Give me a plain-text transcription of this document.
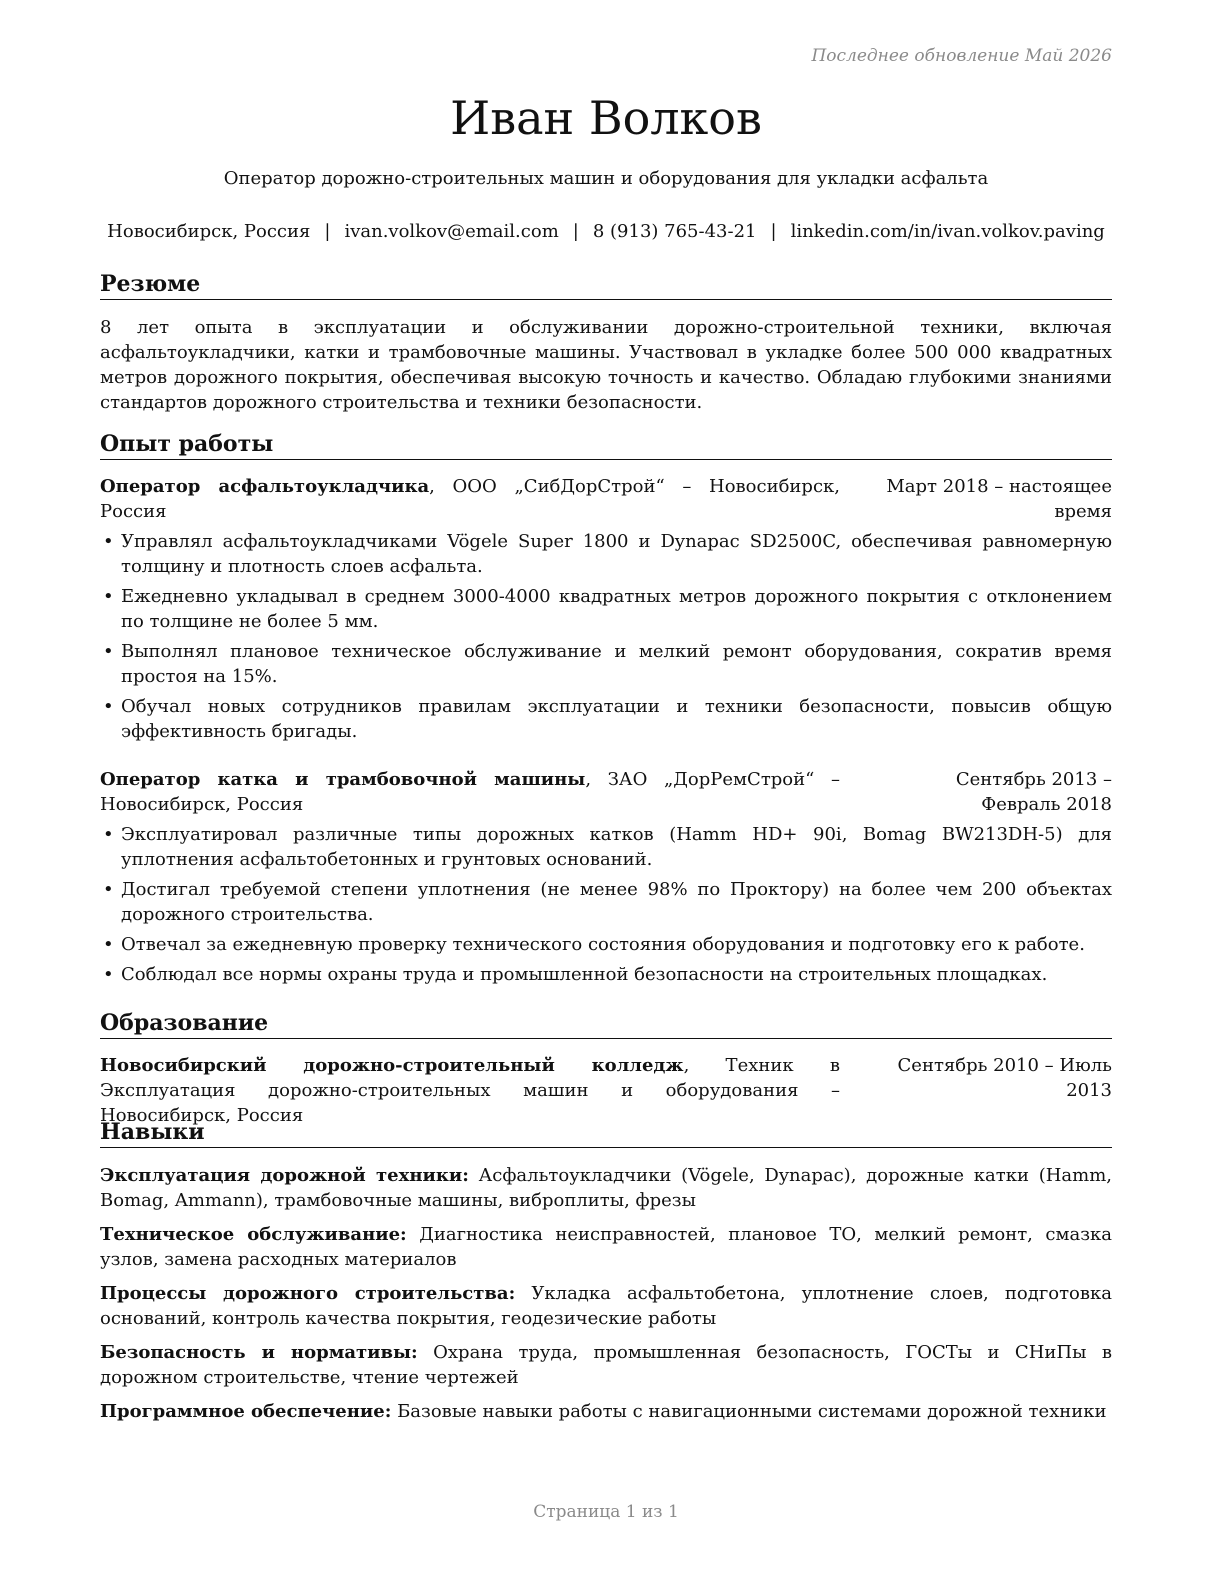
Последнее обновление Май 2026
Иван Волков
Оператор дорожно-строительных машин и оборудования для укладки асфальта
Новосибирск, Россия | ivan.volkov@email.com | 8 (913) 765-43-21 | linkedin.com/in/ivan.volkov.paving
Резюме
8 лет опыта в эксплуатации и обслуживании дорожно-строительной техники, включая асфальтоукладчики, катки и трамбовочные машины. Участвовал в укладке более 500 000 квадратных метров дорожного покрытия, обеспечивая высокую точность и качество. Обладаю глубокими знаниями стандартов дорожного строительства и техники безопасности.
Опыт работы
Оператор асфальтоукладчика, ООО „СибДорСтрой“ – Новосибирск, Россия
Март 2018 – настоящее время
• Управлял асфальтоукладчиками Vögele Super 1800 и Dynapac SD2500C, обеспечивая равномерную толщину и плотность слоев асфальта.
• Ежедневно укладывал в среднем 3000-4000 квадратных метров дорожного покрытия с отклонением по толщине не более 5 мм.
• Выполнял плановое техническое обслуживание и мелкий ремонт оборудования, сократив время простоя на 15%.
• Обучал новых сотрудников правилам эксплуатации и техники безопасности, повысив общую эффективность бригады.
Оператор катка и трамбовочной машины, ЗАО „ДорРемСтрой“ – Новосибирск, Россия
Сентябрь 2013 – Февраль 2018
• Эксплуатировал различные типы дорожных катков (Hamm HD+ 90i, Bomag BW213DH-5) для уплотнения асфальтобетонных и грунтовых оснований.
• Достигал требуемой степени уплотнения (не менее 98% по Проктору) на более чем 200 объектах дорожного строительства.
• Отвечал за ежедневную проверку технического состояния оборудования и подготовку его к работе.
• Соблюдал все нормы охраны труда и промышленной безопасности на строительных площадках.
Образование
Новосибирский дорожно-строительный колледж, Техник в Эксплуатация дорожно-строительных машин и оборудования – Новосибирск, Россия
Сентябрь 2010 – Июль 2013
Навыки
Эксплуатация дорожной техники: Асфальтоукладчики (Vögele, Dynapac), дорожные катки (Hamm, Bomag, Ammann), трамбовочные машины, виброплиты, фрезы
Техническое обслуживание: Диагностика неисправностей, плановое ТО, мелкий ремонт, смазка узлов, замена расходных материалов
Процессы дорожного строительства: Укладка асфальтобетона, уплотнение слоев, подготовка оснований, контроль качества покрытия, геодезические работы
Безопасность и нормативы: Охрана труда, промышленная безопасность, ГОСТы и СНиПы в дорожном строительстве, чтение чертежей
Программное обеспечение: Базовые навыки работы с навигационными системами дорожной техники
Страница 1 из 1
